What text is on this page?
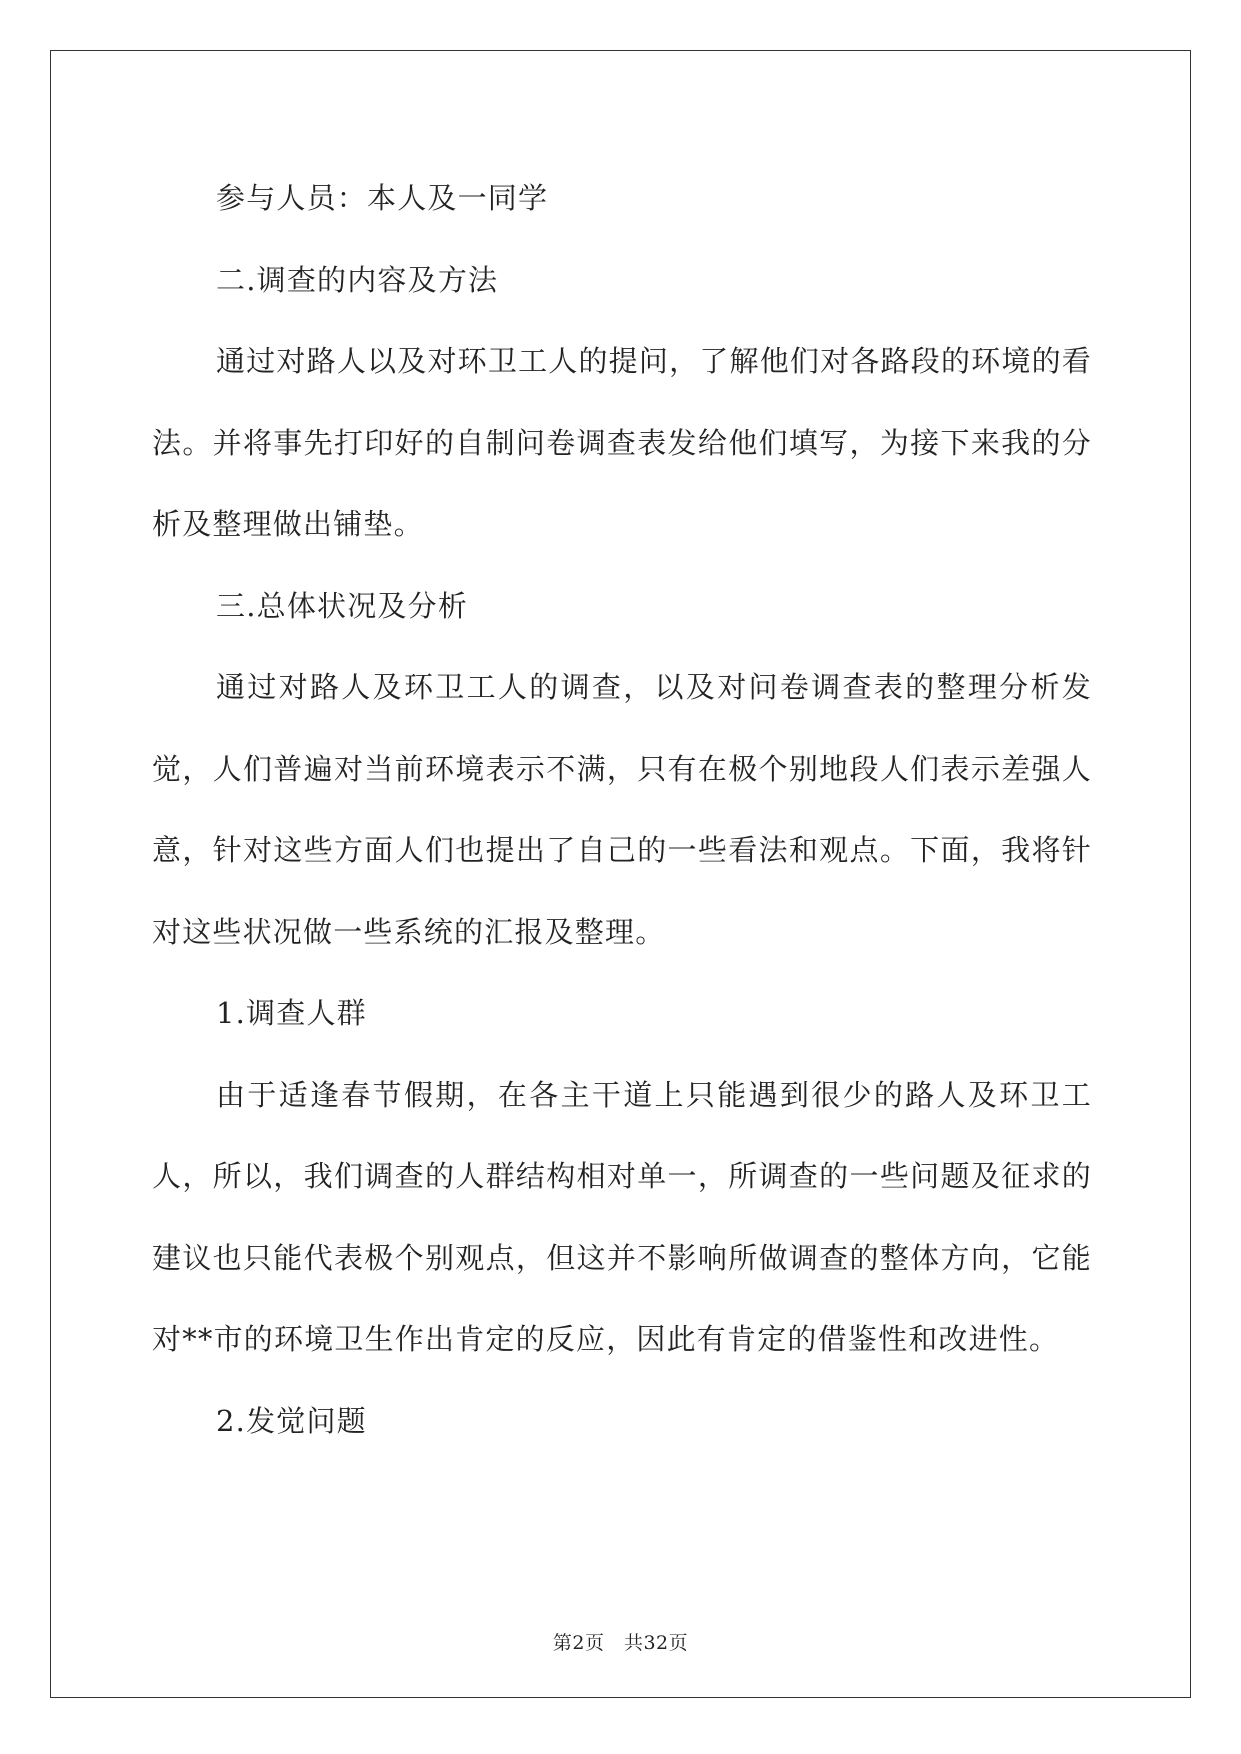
参与人员：本人及一同学

二.调查的内容及方法

通过对路人以及对环卫工人的提问，了解他们对各路段的环境的看法。并将事先打印好的自制问卷调查表发给他们填写，为接下来我的分析及整理做出铺垫。

三.总体状况及分析

通过对路人及环卫工人的调查，以及对问卷调查表的整理分析发觉，人们普遍对当前环境表示不满，只有在极个别地段人们表示差强人意，针对这些方面人们也提出了自己的一些看法和观点。下面，我将针对这些状况做一些系统的汇报及整理。

1.调查人群

由于适逢春节假期，在各主干道上只能遇到很少的路人及环卫工人，所以，我们调查的人群结构相对单一，所调查的一些问题及征求的建议也只能代表极个别观点，但这并不影响所做调查的整体方向，它能对**市的环境卫生作出肯定的反应，因此有肯定的借鉴性和改进性。

2.发觉问题

第2页　共32页
